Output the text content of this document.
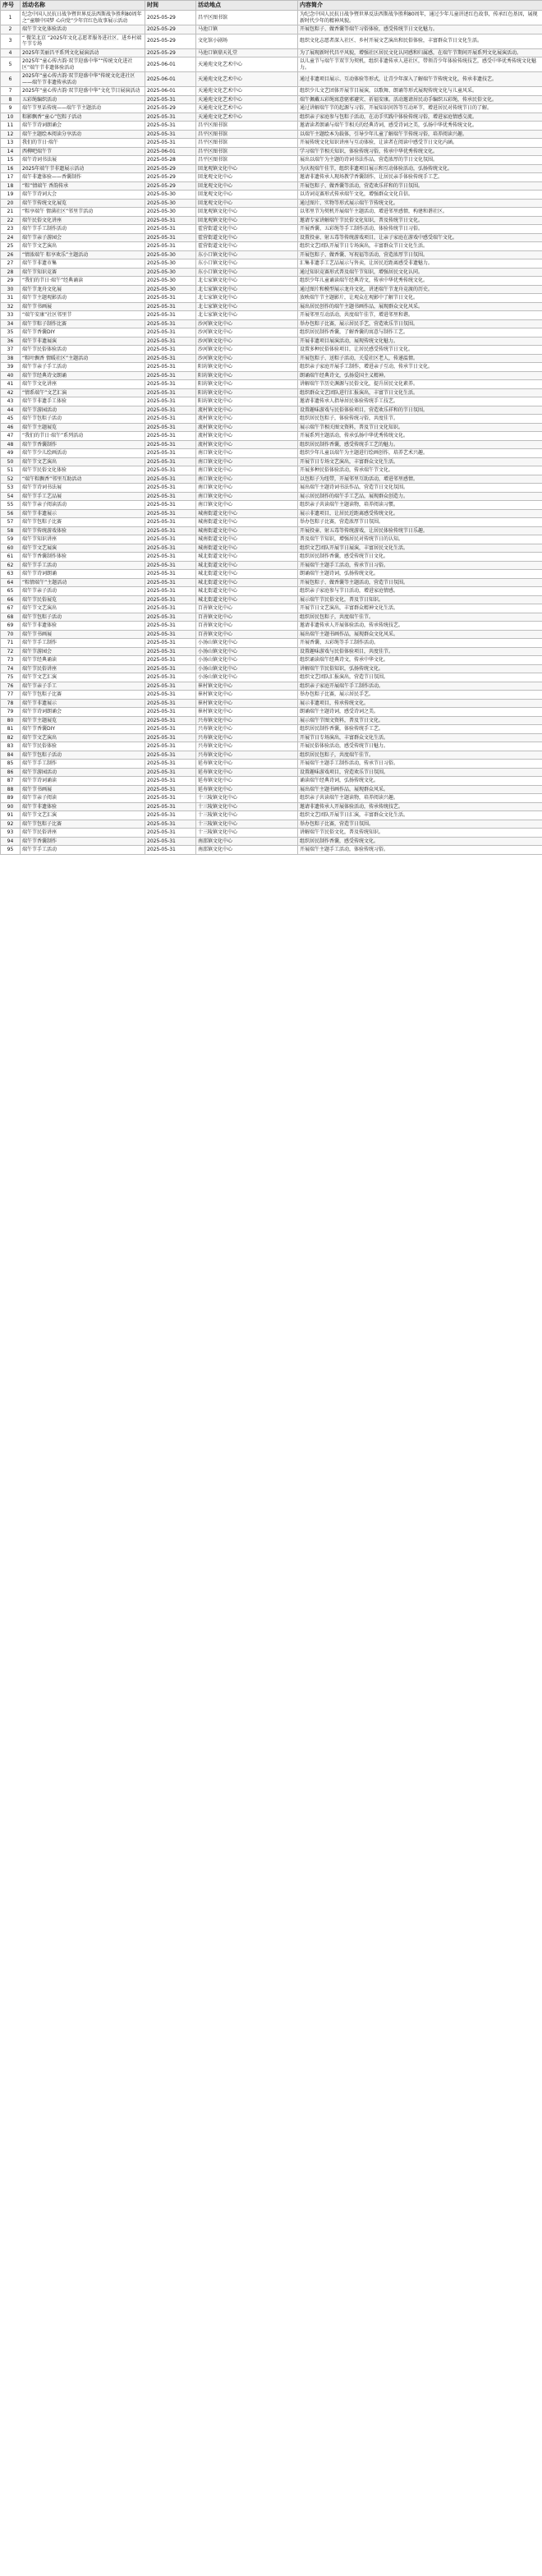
序号	活动名称	时间	活动地点	内容简介
1	纪念中国人民抗日战争暨世界反法西斯战争胜利80周年之“童顺中国梦 心向党”少年宫红色故事展示活动	2025-05-29	昌平区图书馆	为纪念中国人民抗日战争暨世界反法西斯战争胜利80周年，通过少年儿童讲述红色故事，传承红色基因，展现新时代少年的精神风貌。
2	端午节文化体验活动	2025-05-29	马池口镇	开展包粽子、做香囊等端午习俗体验，感受传统节日文化魅力。
3	“ 微笑北京 ”2025年文化志愿者服务进社区、进乡村端午节专场	2025-05-29	文化馆小剧场	组织文化志愿者深入社区、乡村开展文艺演出和民俗体验，丰富群众节日文化生活。
4	2025年美丽昌平系列文化展演活动	2025-05-29	马池口镇鼎天礼堂	为了展现新时代昌平风貌，增强社区居民文化认同感和归属感，在端午节期间开展系列文化展演活动。
5	2025年“童心传古韵·双节迎盛中华”“传统文化进社区”端午节非遗体验活动	2025-06-01	天通苑文化艺术中心	以儿童节与端午节双节为契机，组织非遗传承人进社区，带领青少年体验传统技艺，感受中华优秀传统文化魅力。
6	2025年“童心传古韵·双节迎盛中华”传统文化进社区——端午节非遗传承活动	2025-06-01	天通苑文化艺术中心	通过非遗项目展示、互动体验等形式，让青少年深入了解端午节传统文化，传承非遗技艺。
7	2025年“童心传古韵·双节迎盛中华”文化节目展演活动	2025-06-01	天通苑文化艺术中心	组织少儿文艺团体开展节目展演，以歌舞、朗诵等形式展现传统文化与儿童风采。
8	五彩绳编织活动	2025-05-31	天通苑文化艺术中心	端午佩戴五彩绳寓意驱邪避灾、祈福安康。活动邀请居民动手编织五彩绳，传承民俗文化。
9	端午节里话传统——端午节主题活动	2025-05-29	天通苑文化艺术中心	通过讲解端午节的起源与习俗，开展知识问答等互动环节，增进居民对传统节日的了解。
10	粽影飘香“童心”包粽子活动	2025-05-31	天通苑文化艺术中心	组织亲子家庭参与包粽子活动，在动手实践中体验传统习俗，增进家庭情感交流。
11	端午节诗词朗诵会	2025-05-31	昌平区图书馆	邀请读者朗诵与端午节相关的经典诗词，感受诗词之美，弘扬中华优秀传统文化。
12	端午主题绘本阅读分享活动	2025-05-31	昌平区图书馆	以端午主题绘本为载体，引导少年儿童了解端午节传统习俗，培养阅读兴趣。
13	我们的节日·端午	2025-05-31	昌平区图书馆	开展传统文化知识讲座与互动体验，让读者在阅读中感受节日文化内涵。
14	西柳吧端午节	2025-06-01	昌平区图书馆	学习端午节相关知识，体验传统习俗，传承中华优秀传统文化。
15	端午诗词书法展	2025-05-28	昌平区图书馆	展出以端午为主题的诗词书法作品，营造浓厚的节日文化氛围。
16	2025年端午节非遗展示活动	2025-05-29	回龙观镇文化中心	为庆祝端午佳节，组织非遗项目展示和互动体验活动，弘扬传统文化。
17	端午非遗体验——香囊制作	2025-05-29	回龙观文化中心	邀请非遗传承人现场教学香囊制作，让居民亲手体验传统手工艺。
18	“粽”情端午 香韵传承	2025-05-29	回龙观文化中心	开展包粽子、做香囊等活动，营造欢乐祥和的节日氛围。
19	端午节诗词大会	2025-05-30	回龙观文化中心	以诗词竞赛形式传承端午文化，增强群众文化自信。
20	端午节传统文化展览	2025-05-30	回龙观文化中心	通过图片、实物等形式展示端午节传统文化。
21	“粽享端午 情满社区”邻里节活动	2025-05-30	回龙观镇文化中心	以邻里节为契机开展端午主题活动，增进邻里感情，构建和谐社区。
22	端午民俗文化讲座	2025-05-31	回龙观镇文化中心	邀请专家讲解端午节民俗文化知识，普及传统节日文化。
23	端午节手工制作活动	2025-05-31	霍营街道文化中心	开展香囊、五彩绳等手工制作活动，体验传统节日习俗。
24	端午节亲子游园会	2025-05-31	霍营街道文化中心	设置投壶、射五毒等传统游戏项目，让亲子家庭在游戏中感受端午文化。
25	端午节文艺演出	2025-05-31	霍营街道文化中心	组织文艺团队开展节日专场演出，丰富群众节日文化生活。
26	“情浓端午 粽享欢乐”主题活动	2025-05-30	东小口镇文化中心	开展包粽子、做香囊、写祝福等活动，营造浓厚节日氛围。
27	端午节非遗市集	2025-05-30	东小口镇文化中心	汇集非遗手工艺品展示与售卖，让居民近距离感受非遗魅力。
28	端午节知识竞赛	2025-05-30	东小口镇文化中心	通过知识竞赛形式普及端午节知识，增强居民文化认同。
29	“我们的节日·端午”经典诵读	2025-05-30	北七家镇文化中心	组织少年儿童诵读端午经典诗文，传承中华优秀传统文化。
30	端午节龙舟文化展	2025-05-30	北七家镇文化中心	通过图片和模型展示龙舟文化，讲述端午节龙舟竞渡的历史。
31	端午节主题观影活动	2025-05-31	北七家镇文化中心	放映端午节主题影片，让观众在观影中了解节日文化。
32	端午节书画展	2025-05-31	北七家镇文化中心	展出居民创作的端午主题书画作品，展现群众文化风采。
33	“端午安康”社区邻里节	2025-05-31	北七家镇文化中心	开展邻里互动活动，共度端午佳节，增进邻里和谐。
34	端午节粽子制作比赛	2025-05-31	沙河镇文化中心	举办包粽子比赛，展示居民手艺，营造欢乐节日氛围。
35	端午节香囊DIY	2025-05-31	沙河镇文化中心	组织居民制作香囊，了解香囊的寓意与制作工艺。
36	端午节非遗展演	2025-05-31	沙河镇文化中心	开展非遗项目展演活动，展现传统文化魅力。
37	端午节民俗体验活动	2025-05-31	沙河镇文化中心	设置多种民俗体验项目，让居民感受传统节日文化。
38	“粽叶飘香 情暖社区”主题活动	2025-05-31	沙河镇文化中心	开展包粽子、送粽子活动，关爱社区老人，传递温情。
39	端午节亲子手工活动	2025-05-31	阳坊镇文化中心	组织亲子家庭开展手工制作，增进亲子互动，传承节日文化。
40	端午节经典诗文朗诵	2025-05-31	阳坊镇文化中心	朗诵端午经典诗文，弘扬爱国主义精神。
41	端午节文化讲座	2025-05-31	阳坊镇文化中心	讲解端午节历史渊源与民俗文化，提升居民文化素养。
42	“情系端午”文艺汇演	2025-05-31	阳坊镇文化中心	组织群众文艺团队进行汇报演出，丰富节日文化生活。
43	端午节非遗手工体验	2025-05-31	阳坊镇文化中心	邀请非遗传承人指导居民体验传统手工技艺。
44	端午节游园活动	2025-05-31	流村镇文化中心	设置趣味游戏与民俗体验项目，营造欢乐祥和的节日氛围。
45	端午节包粽子活动	2025-05-31	流村镇文化中心	组织居民包粽子，体验传统习俗，共度佳节。
46	端午节主题展览	2025-05-31	流村镇文化中心	展示端午节相关图文资料，普及节日文化知识。
47	“我们的节日·端午”系列活动	2025-05-31	流村镇文化中心	开展系列主题活动，传承弘扬中华优秀传统文化。
48	端午节香囊制作	2025-05-31	流村镇文化中心	组织居民制作香囊，感受传统手工艺的魅力。
49	端午节少儿绘画活动	2025-05-31	南口镇文化中心	组织少年儿童以端午为主题进行绘画创作，培养艺术兴趣。
50	端午节文艺演出	2025-05-31	南口镇文化中心	开展节日专场文艺演出，丰富群众文化生活。
51	端午节民俗文化体验	2025-05-31	南口镇文化中心	开展多种民俗体验活动，传承端午节文化。
52	“端午粽飘香”邻里互助活动	2025-05-31	南口镇文化中心	以包粽子为纽带，开展邻里互助活动，增进邻里感情。
53	端午节诗词书法展	2025-05-31	南口镇文化中心	展出端午主题诗词书法作品，营造节日文化氛围。
54	端午节手工艺品展	2025-05-31	南口镇文化中心	展示居民制作的端午手工艺品，展现群众创造力。
55	端午节亲子阅读活动	2025-05-31	南口镇文化中心	组织亲子共读端午主题读物，培养阅读习惯。
56	端午节非遗展示	2025-05-31	城南街道文化中心	展示非遗项目，让居民近距离感受传统文化。
57	端午节包粽子比赛	2025-05-31	城南街道文化中心	举办包粽子比赛，营造浓厚节日氛围。
58	端午节传统游戏体验	2025-05-31	城南街道文化中心	开展投壶、射五毒等传统游戏，让居民体验传统节日乐趣。
59	端午节知识讲座	2025-05-31	城南街道文化中心	普及端午节知识，增强居民对传统节日的认知。
60	端午节文艺展演	2025-05-31	城南街道文化中心	组织文艺团队开展节日展演，丰富居民文化生活。
61	端午节香囊制作体验	2025-05-31	城北街道文化中心	组织居民制作香囊，感受传统节日文化。
62	端午节手工活动	2025-05-31	城北街道文化中心	开展端午主题手工活动，传承节日习俗。
63	端午节诗词朗诵	2025-05-31	城北街道文化中心	朗诵端午主题诗词，弘扬传统文化。
64	“粽情端午”主题活动	2025-05-31	城北街道文化中心	开展包粽子、做香囊等主题活动，营造节日氛围。
65	端午节亲子活动	2025-05-31	城北街道文化中心	组织亲子家庭参与节日活动，增进家庭情感。
66	端午节民俗展览	2025-05-31	城北街道文化中心	展示端午节民俗文化，普及节日知识。
67	端午节文艺演出	2025-05-31	百善镇文化中心	开展节日文艺演出，丰富群众精神文化生活。
68	端午节包粽子活动	2025-05-31	百善镇文化中心	组织居民包粽子，共度端午佳节。
69	端午节非遗体验	2025-05-31	百善镇文化中心	邀请非遗传承人开展体验活动，传承传统技艺。
70	端午节书画展	2025-05-31	百善镇文化中心	展出端午主题书画作品，展现群众文化风采。
71	端午节手工制作	2025-05-31	小汤山镇文化中心	开展香囊、五彩绳等手工制作活动。
72	端午节游园会	2025-05-31	小汤山镇文化中心	设置趣味游戏与民俗体验项目，共度佳节。
73	端午节经典诵读	2025-05-31	小汤山镇文化中心	组织诵读端午经典诗文，传承中华文化。
74	端午节民俗讲座	2025-05-31	小汤山镇文化中心	讲解端午节民俗知识，弘扬传统文化。
75	端午节文艺汇演	2025-05-31	小汤山镇文化中心	组织文艺团队汇报演出，营造节日氛围。
76	端午节亲子手工	2025-05-31	崔村镇文化中心	组织亲子家庭开展端午手工制作活动。
77	端午节包粽子比赛	2025-05-31	崔村镇文化中心	举办包粽子比赛，展示居民手艺。
78	端午节非遗展示	2025-05-31	崔村镇文化中心	展示非遗项目，传承传统文化。
79	端午节诗词朗诵会	2025-05-31	崔村镇文化中心	朗诵端午主题诗词，感受诗词之美。
80	端午节主题展览	2025-05-31	兴寿镇文化中心	展示端午节图文资料，普及节日文化。
81	端午节香囊DIY	2025-05-31	兴寿镇文化中心	组织居民制作香囊，体验传统手工艺。
82	端午节文艺演出	2025-05-31	兴寿镇文化中心	开展节日专场演出，丰富群众文化生活。
83	端午节民俗体验	2025-05-31	兴寿镇文化中心	开展民俗体验活动，感受传统节日魅力。
84	端午节包粽子活动	2025-05-31	兴寿镇文化中心	组织居民包粽子，共度端午佳节。
85	端午节手工制作	2025-05-31	延寿镇文化中心	开展端午主题手工制作活动，传承节日习俗。
86	端午节游园活动	2025-05-31	延寿镇文化中心	设置趣味游戏项目，营造欢乐节日氛围。
87	端午节诗词诵读	2025-05-31	延寿镇文化中心	诵读端午经典诗词，弘扬传统文化。
88	端午节书画展	2025-05-31	延寿镇文化中心	展出端午主题书画作品，展现群众风采。
89	端午节亲子阅读	2025-05-31	十三陵镇文化中心	组织亲子共读端午主题读物，培养阅读兴趣。
90	端午节非遗体验	2025-05-31	十三陵镇文化中心	邀请非遗传承人开展体验活动，传承传统技艺。
91	端午节文艺汇演	2025-05-31	十三陵镇文化中心	组织文艺团队开展节日汇演，丰富群众文化生活。
92	端午节包粽子比赛	2025-05-31	十三陵镇文化中心	举办包粽子比赛，营造节日氛围。
93	端午节民俗讲座	2025-05-31	十三陵镇文化中心	讲解端午节民俗文化，普及传统知识。
94	端午节香囊制作	2025-05-31	南邵镇文化中心	组织居民制作香囊，感受传统文化。
95	端午节手工活动	2025-05-31	南邵镇文化中心	开展端午主题手工活动，体验传统习俗。
